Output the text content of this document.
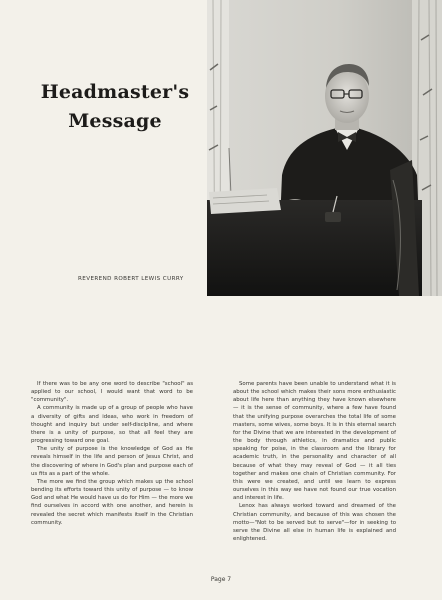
Headmaster's
Message
REVEREND ROBERT LEWIS CURRY

If there was to be any one word to describe "school" as applied to our school, I would want that word to be "community".

A community is made up of a group of people who have a diversity of gifts and ideas, who work in freedom of thought and inquiry but under self-discipline, and where there is a unity of purpose, so that all feel they are progressing toward one goal.

The unity of purpose is the knowledge of God as He reveals himself in the life and person of Jesus Christ, and the discovering of where in God's plan and purpose each of us fits as a part of the whole.

The more we find the group which makes up the school bending its efforts toward this unity of purpose — to know God and what He would have us do for Him — the more we find ourselves in accord with one another, and herein is revealed the secret which manifests itself in the Christian community.

Some parents have been unable to understand what it is about the school which makes their sons more enthusiastic about life here than anything they have known elsewhere — it is the sense of community, where a few have found that the unifying purpose overarches the total life of some masters, some wives, some boys. It is in this eternal search for the Divine that we are interested in the development of the body through athletics, in dramatics and public speaking for poise, in the classroom and the library for academic truth, in the personality and character of all because of what they may reveal of God — it all ties together and makes one chain of Christian community. For this were we created, and until we learn to express ourselves in this way we have not found our true vocation and interest in life.

Lenox has always worked toward and dreamed of the Christian community, and because of this was chosen the motto—"Not to be served but to serve"—for in seeking to serve the Divine all else in human life is explained and enlightened.

Page 7
